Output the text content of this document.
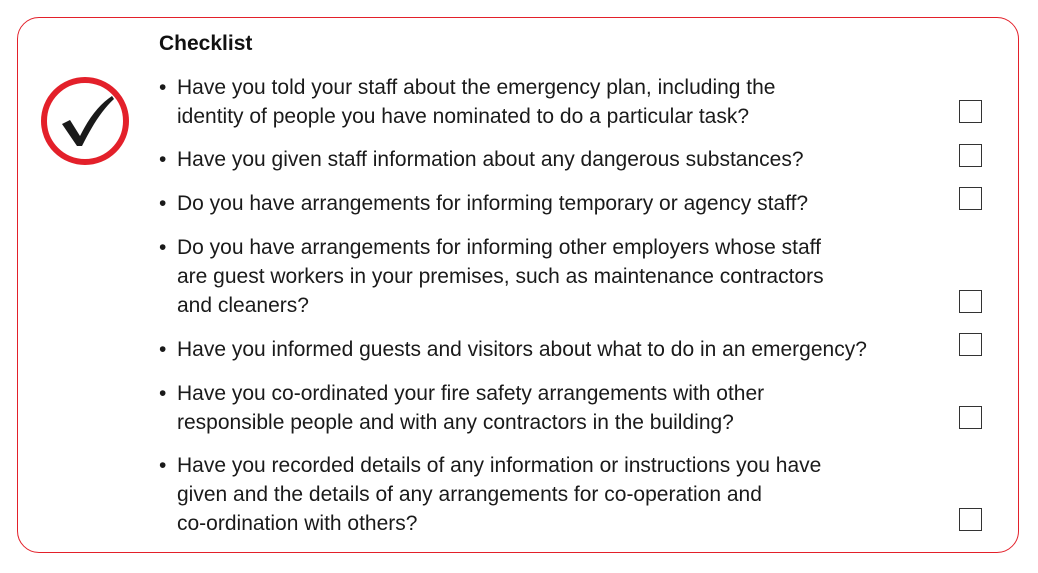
Checklist
• Have you told your staff about the emergency plan, including the
identity of people you have nominated to do a particular task?
• Have you given staff information about any dangerous substances?
• Do you have arrangements for informing temporary or agency staff?
• Do you have arrangements for informing other employers whose staff
are guest workers in your premises, such as maintenance contractors
and cleaners?
• Have you informed guests and visitors about what to do in an emergency?
• Have you co-ordinated your fire safety arrangements with other
responsible people and with any contractors in the building?
• Have you recorded details of any information or instructions you have
given and the details of any arrangements for co-operation and
co-ordination with others?
